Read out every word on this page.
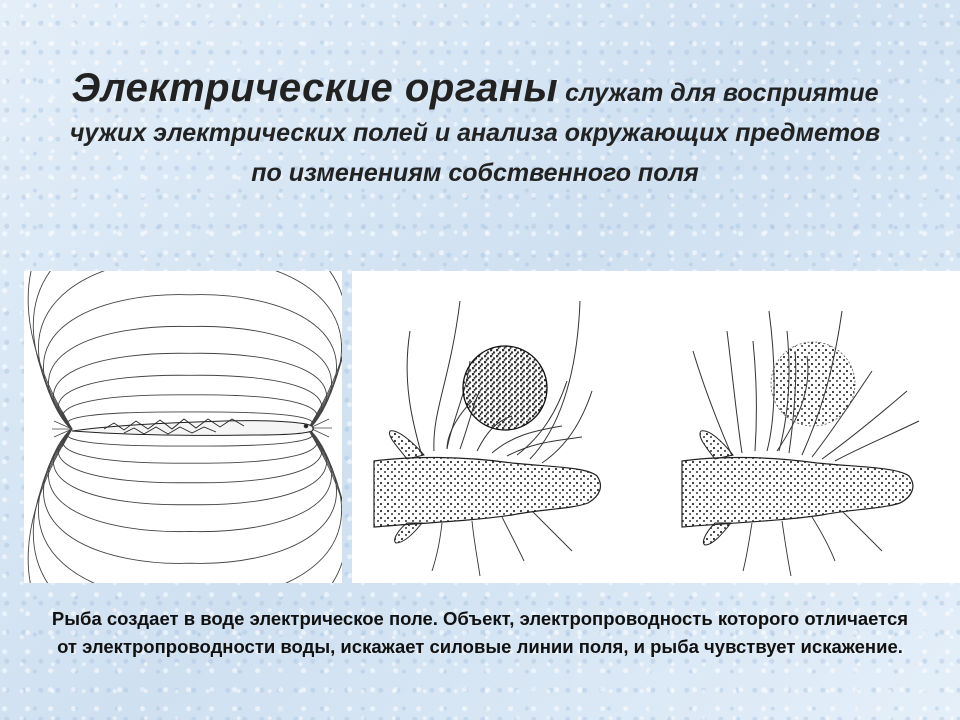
Электрические органы служат для восприятие чужих электрических полей и анализа окружающих предметов по изменениям собственного поля
Рыба создает в воде электрическое поле. Объект, электропроводность которого отличается от электропроводности воды, искажает силовые линии поля, и рыба чувствует искажение.
